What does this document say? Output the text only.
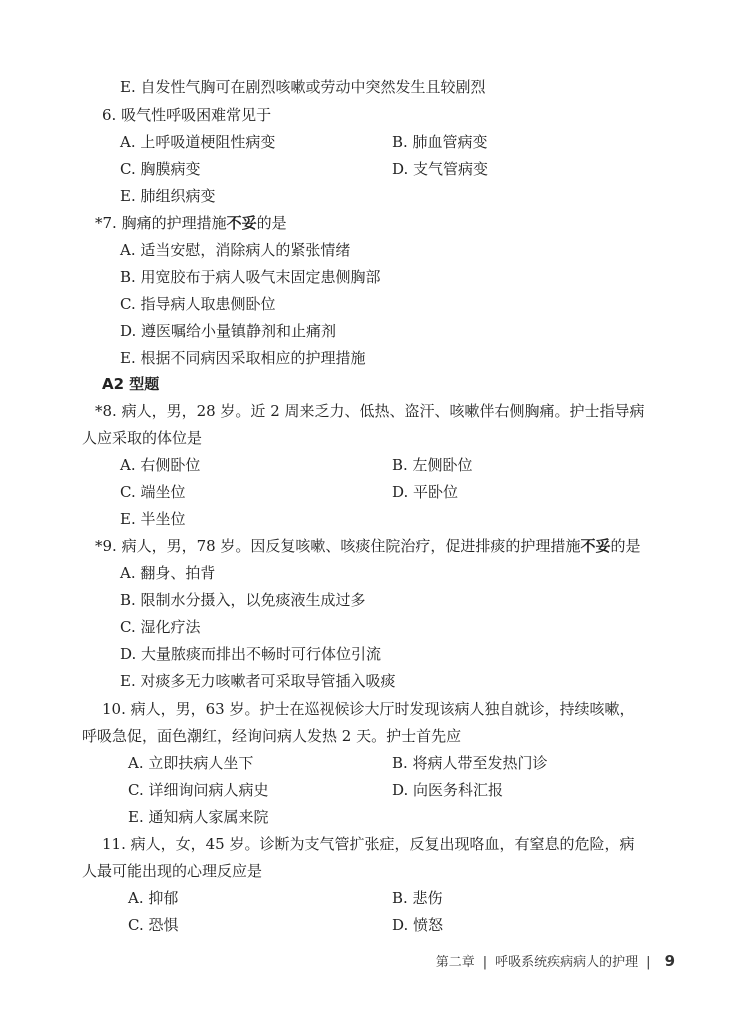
E. 自发性气胸可在剧烈咳嗽或劳动中突然发生且较剧烈
6. 吸气性呼吸困难常见于
A. 上呼吸道梗阻性病变	B. 肺血管病变
C. 胸膜病变	D. 支气管病变
E. 肺组织病变
*7. 胸痛的护理措施不妥的是
A. 适当安慰，消除病人的紧张情绪
B. 用宽胶布于病人吸气末固定患侧胸部
C. 指导病人取患侧卧位
D. 遵医嘱给小量镇静剂和止痛剂
E. 根据不同病因采取相应的护理措施
A2 型题
*8. 病人，男，28 岁。近 2 周来乏力、低热、盗汗、咳嗽伴右侧胸痛。护士指导病
人应采取的体位是
A. 右侧卧位	B. 左侧卧位
C. 端坐位	D. 平卧位
E. 半坐位
*9. 病人，男，78 岁。因反复咳嗽、咳痰住院治疗，促进排痰的护理措施不妥的是
A. 翻身、拍背
B. 限制水分摄入，以免痰液生成过多
C. 湿化疗法
D. 大量脓痰而排出不畅时可行体位引流
E. 对痰多无力咳嗽者可采取导管插入吸痰
10. 病人，男，63 岁。护士在巡视候诊大厅时发现该病人独自就诊，持续咳嗽，
呼吸急促，面色潮红，经询问病人发热 2 天。护士首先应
A. 立即扶病人坐下	B. 将病人带至发热门诊
C. 详细询问病人病史	D. 向医务科汇报
E. 通知病人家属来院
11. 病人，女，45 岁。诊断为支气管扩张症，反复出现咯血，有窒息的危险，病
人最可能出现的心理反应是
A. 抑郁	B. 悲伤
C. 恐惧	D. 愤怒
第二章 | 呼吸系统疾病病人的护理 | 9
